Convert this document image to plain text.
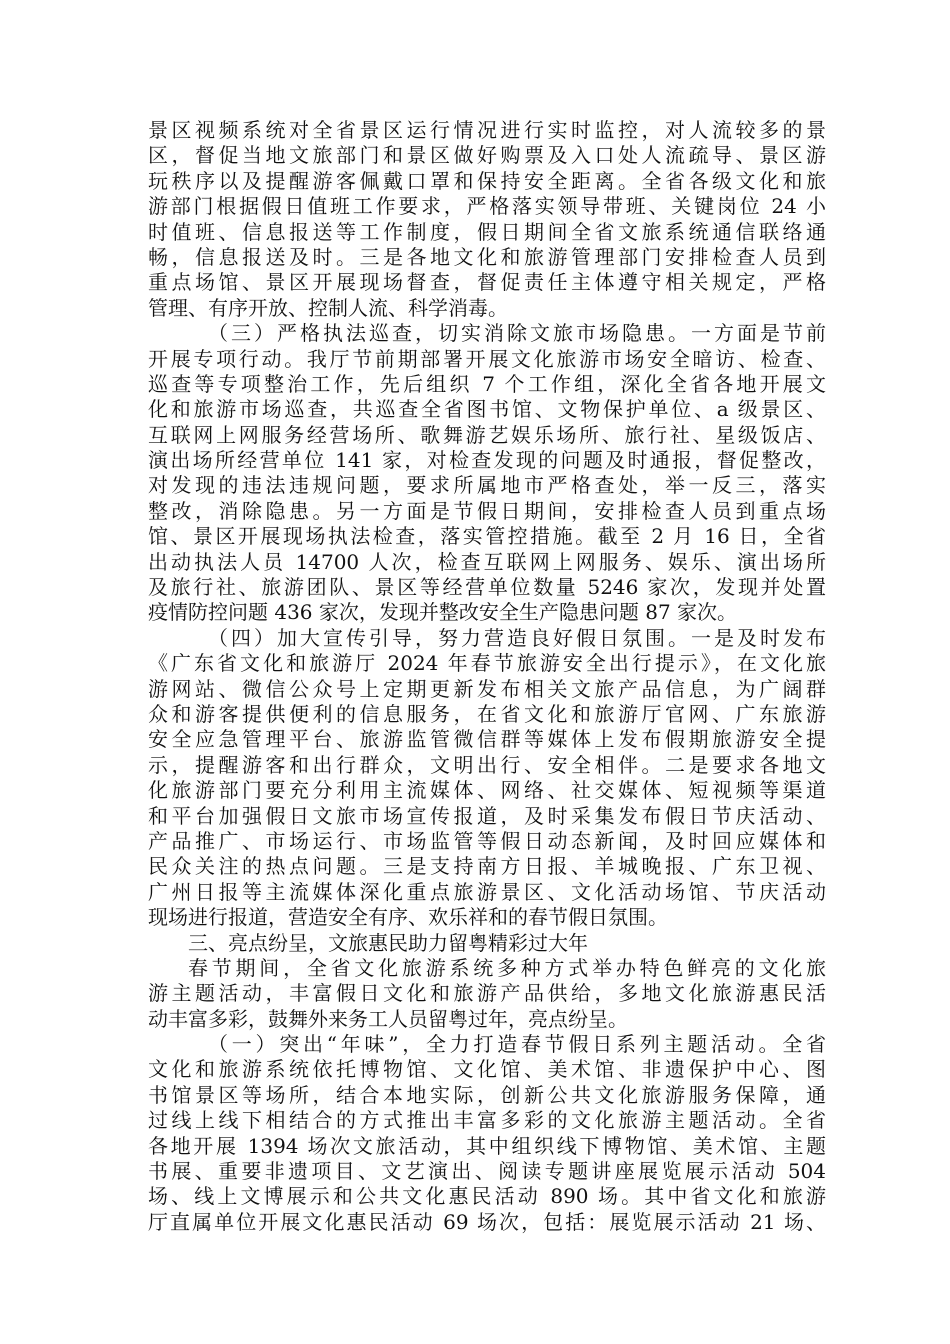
景区视频系统对全省景区运行情况进行实时监控，对人流较多的景
区，督促当地文旅部门和景区做好购票及入口处人流疏导、景区游
玩秩序以及提醒游客佩戴口罩和保持安全距离。全省各级文化和旅
游部门根据假日值班工作要求，严格落实领导带班、关键岗位 24 小
时值班、信息报送等工作制度，假日期间全省文旅系统通信联络通
畅，信息报送及时。三是各地文化和旅游管理部门安排检查人员到
重点场馆、景区开展现场督查，督促责任主体遵守相关规定，严格
管理、有序开放、控制人流、科学消毒。
（三）严格执法巡查，切实消除文旅市场隐患。一方面是节前
开展专项行动。我厅节前期部署开展文化旅游市场安全暗访、检查、
巡查等专项整治工作，先后组织 7 个工作组，深化全省各地开展文
化和旅游市场巡查，共巡查全省图书馆、文物保护单位、a 级景区、
互联网上网服务经营场所、歌舞游艺娱乐场所、旅行社、星级饭店、
演出场所经营单位 141 家，对检查发现的问题及时通报，督促整改，
对发现的违法违规问题，要求所属地市严格查处，举一反三，落实
整改，消除隐患。另一方面是节假日期间，安排检查人员到重点场
馆、景区开展现场执法检查，落实管控措施。截至 2 月 16 日，全省
出动执法人员 14700 人次，检查互联网上网服务、娱乐、演出场所
及旅行社、旅游团队、景区等经营单位数量 5246 家次，发现并处置
疫情防控问题 436 家次，发现并整改安全生产隐患问题 87 家次。
（四）加大宣传引导，努力营造良好假日氛围。一是及时发布
《广东省文化和旅游厅 2024 年春节旅游安全出行提示》，在文化旅
游网站、微信公众号上定期更新发布相关文旅产品信息，为广阔群
众和游客提供便利的信息服务，在省文化和旅游厅官网、广东旅游
安全应急管理平台、旅游监管微信群等媒体上发布假期旅游安全提
示，提醒游客和出行群众，文明出行、安全相伴。二是要求各地文
化旅游部门要充分利用主流媒体、网络、社交媒体、短视频等渠道
和平台加强假日文旅市场宣传报道，及时采集发布假日节庆活动、
产品推广、市场运行、市场监管等假日动态新闻，及时回应媒体和
民众关注的热点问题。三是支持南方日报、羊城晚报、广东卫视、
广州日报等主流媒体深化重点旅游景区、文化活动场馆、节庆活动
现场进行报道，营造安全有序、欢乐祥和的春节假日氛围。
三、亮点纷呈，文旅惠民助力留粤精彩过大年
春节期间，全省文化旅游系统多种方式举办特色鲜亮的文化旅
游主题活动，丰富假日文化和旅游产品供给，多地文化旅游惠民活
动丰富多彩，鼓舞外来务工人员留粤过年，亮点纷呈。
（一）突出“年味”，全力打造春节假日系列主题活动。全省
文化和旅游系统依托博物馆、文化馆、美术馆、非遗保护中心、图
书馆景区等场所，结合本地实际，创新公共文化旅游服务保障，通
过线上线下相结合的方式推出丰富多彩的文化旅游主题活动。全省
各地开展 1394 场次文旅活动，其中组织线下博物馆、美术馆、主题
书展、重要非遗项目、文艺演出、阅读专题讲座展览展示活动 504
场、线上文博展示和公共文化惠民活动 890 场。其中省文化和旅游
厅直属单位开展文化惠民活动 69 场次，包括：展览展示活动 21 场、
